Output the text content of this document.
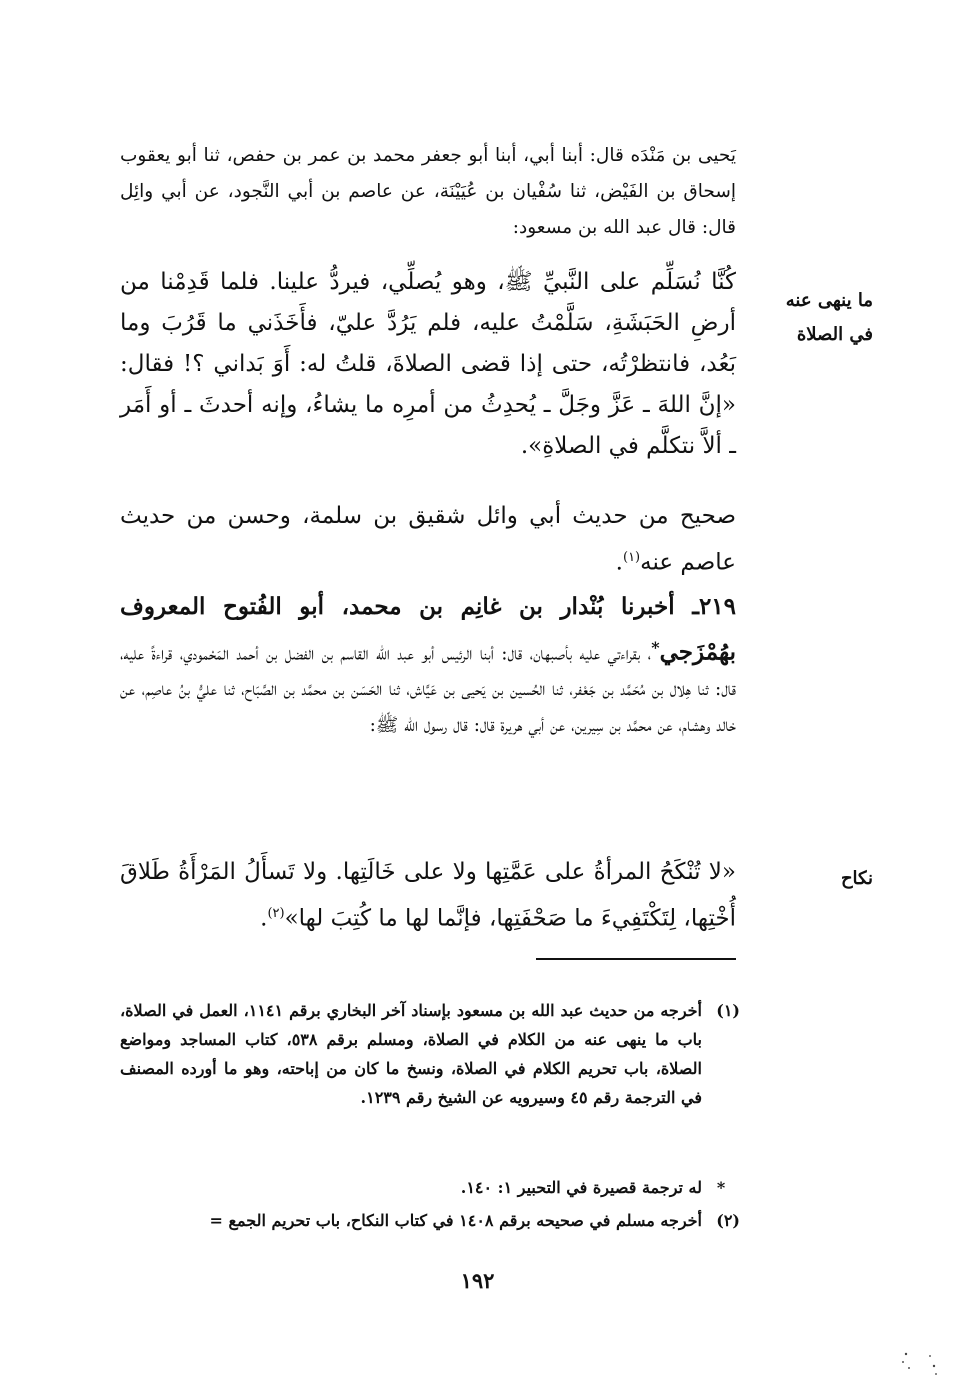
ما ينهى عنه في الصلاة
نكاح
يَحيى بن مَنْدَه قال: أبنا أبي، أبنا أبو جعفر محمد بن عمر بن حفص، ثنا أبو يعقوب إسحاق بن الفَيْض، ثنا سُفْيان بن عُيَيْنَة، عن عاصم بن أبي النَّجود، عن أبي وائِل قال: قال عبد الله بن مسعود:
كُنَّا نُسَلِّم على النَّبيِّ ﷺ، وهو يُصلِّي، فيردُّ علينا. فلما قَدِمْنا من أرضِ الحَبَشَةِ، سَلَّمْتُ عليه، فلم يَرُدَّ عليّ، فأَخَذَني ما قَرُبَ وما بَعُد، فانتظرْتُه، حتى إذا قضى الصلاةَ، قلتُ له: أَوَ بَداني ؟! فقال: «إنَّ اللهَ ـ عَزَّ وجَلَّ ـ يُحدِثُ من أمرِه ما يشاءُ، وإنه أحدثَ ـ أو أَمَر ـ ألاَّ نتكلَّم في الصلاةِ».
صحيح من حديث أبي وائل شقيق بن سلمة، وحسن من حديث عاصم عنه$^{(١)}$.
٢١٩ـ أخبرنا بُنْدار بن غانِم بن محمد، أبو الفُتوح المعروف بهُمْزَجي*، بقراءتي عليه بأصبهان، قال: أبنا الرئيس أبو عبد الله القاسم بن الفضل بن أحمد المَحْمودي، قراءةً عليه، قال: ثنا هِلال بن مُحَمَّد بن جَعْفر، ثنا الحُسين بن يَحيى بن عَيَّاش، ثنا الحَسَن بن محمَّد بن الصَّبَاح، ثنا عليُّ بنُ عاصِم، عن خالد وهشام، عن محمَّد بن سِيرين، عن أبي هريرة قال: قال رسول الله ﷺ:
«لا تُنْكَحُ المرأةُ على عَمَّتِها ولا على خَالَتِها. ولا تَسأَلُ المَرْأَةُ طَلاقَ أُخْتِها، لِتَكْتَفِيءَ ما صَحْفَتِها، فإنَّما لها ما كُتِبَ لها»$^{(٢)}$.
(١)
أخرجه من حديث عبد الله بن مسعود بإسناد آخر البخاري برقم ١١٤١، العمل في الصلاة، باب ما ينهى عنه من الكلام في الصلاة، ومسلم برقم ٥٣٨، كتاب المساجد ومواضع الصلاة، باب تحريم الكلام في الصلاة، ونسخ ما كان من إباحته، وهو ما أورده المصنف في الترجمة رقم ٤٥ وسيرويه عن الشيخ رقم ١٢٣٩.
*
له ترجمة قصيرة في التحبير ١: ١٤٠.
(٢)
أخرجه مسلم في صحيحه برقم ١٤٠٨ في كتاب النكاح، باب تحريم الجمع =
١٩٢
